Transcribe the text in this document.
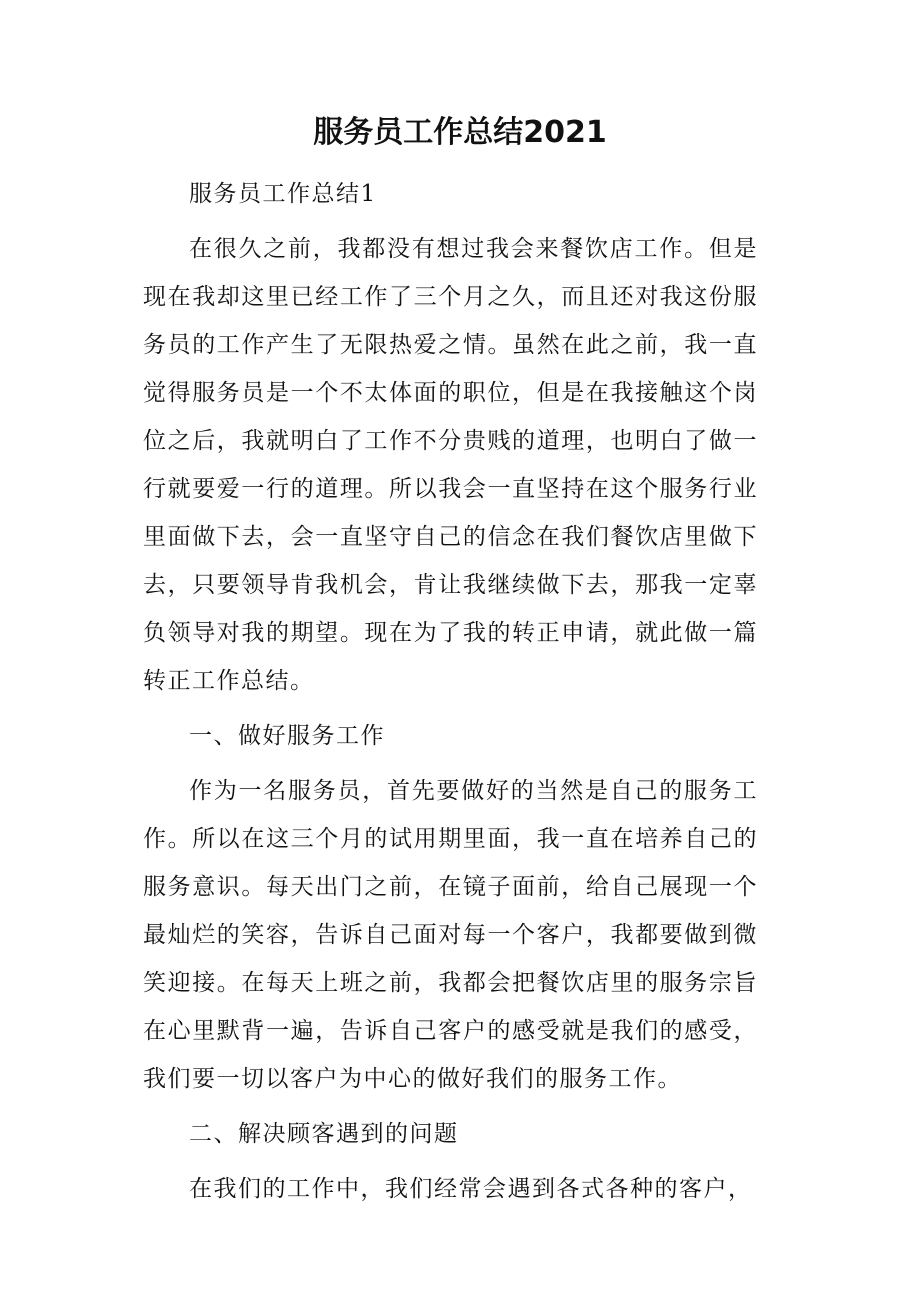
服务员工作总结2021

服务员工作总结1

在很久之前，我都没有想过我会来餐饮店工作。但是现在我却这里已经工作了三个月之久，而且还对我这份服务员的工作产生了无限热爱之情。虽然在此之前，我一直觉得服务员是一个不太体面的职位，但是在我接触这个岗位之后，我就明白了工作不分贵贱的道理，也明白了做一行就要爱一行的道理。所以我会一直坚持在这个服务行业里面做下去，会一直坚守自己的信念在我们餐饮店里做下去，只要领导肯我机会，肯让我继续做下去，那我一定辜负领导对我的期望。现在为了我的转正申请，就此做一篇转正工作总结。

一、做好服务工作

作为一名服务员，首先要做好的当然是自己的服务工作。所以在这三个月的试用期里面，我一直在培养自己的服务意识。每天出门之前，在镜子面前，给自己展现一个最灿烂的笑容，告诉自己面对每一个客户，我都要做到微笑迎接。在每天上班之前，我都会把餐饮店里的服务宗旨在心里默背一遍，告诉自己客户的感受就是我们的感受，我们要一切以客户为中心的做好我们的服务工作。

二、解决顾客遇到的问题

在我们的工作中，我们经常会遇到各式各种的客户，
